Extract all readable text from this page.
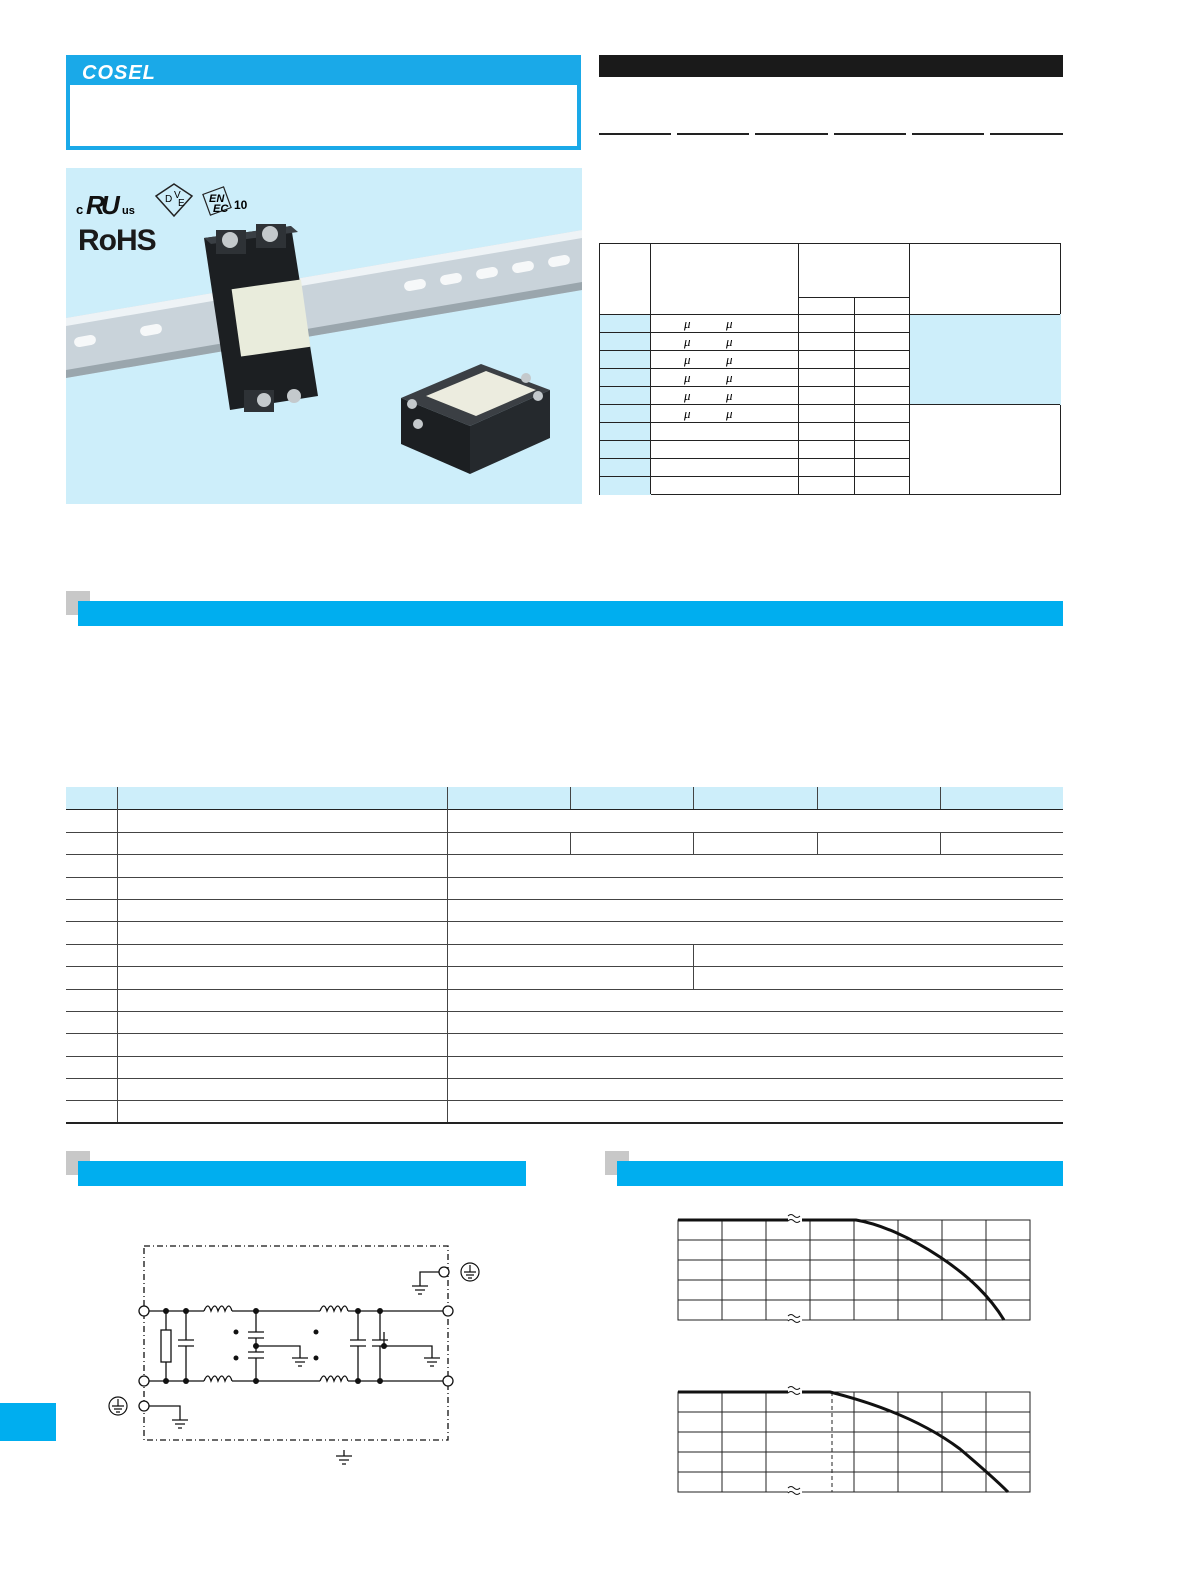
COSEL
c R
U us
D V
E EN
EC 10
RoHS
μ	μ
μ	μ
μ	μ
μ	μ
μ	μ
μ	μ
